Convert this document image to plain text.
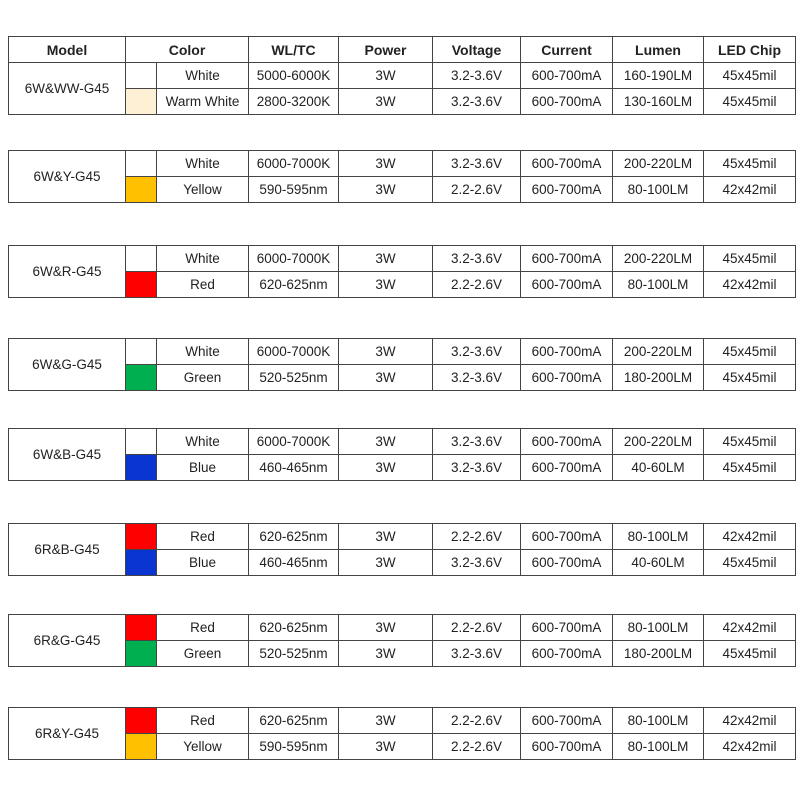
Model	Color	WL/TC	Power	Voltage	Current	Lumen	LED Chip
6W&WW-G45		White	5000-6000K	3W	3.2-3.6V	600-700mA	160-190LM	45x45mil
		Warm White	2800-3200K	3W	3.2-3.6V	600-700mA	130-160LM	45x45mil
6W&Y-G45		White	6000-7000K	3W	3.2-3.6V	600-700mA	200-220LM	45x45mil
		Yellow	590-595nm	3W	2.2-2.6V	600-700mA	80-100LM	42x42mil
6W&R-G45		White	6000-7000K	3W	3.2-3.6V	600-700mA	200-220LM	45x45mil
		Red	620-625nm	3W	2.2-2.6V	600-700mA	80-100LM	42x42mil
6W&G-G45		White	6000-7000K	3W	3.2-3.6V	600-700mA	200-220LM	45x45mil
		Green	520-525nm	3W	3.2-3.6V	600-700mA	180-200LM	45x45mil
6W&B-G45		White	6000-7000K	3W	3.2-3.6V	600-700mA	200-220LM	45x45mil
		Blue	460-465nm	3W	3.2-3.6V	600-700mA	40-60LM	45x45mil
6R&B-G45		Red	620-625nm	3W	2.2-2.6V	600-700mA	80-100LM	42x42mil
		Blue	460-465nm	3W	3.2-3.6V	600-700mA	40-60LM	45x45mil
6R&G-G45		Red	620-625nm	3W	2.2-2.6V	600-700mA	80-100LM	42x42mil
		Green	520-525nm	3W	3.2-3.6V	600-700mA	180-200LM	45x45mil
6R&Y-G45		Red	620-625nm	3W	2.2-2.6V	600-700mA	80-100LM	42x42mil
		Yellow	590-595nm	3W	2.2-2.6V	600-700mA	80-100LM	42x42mil
